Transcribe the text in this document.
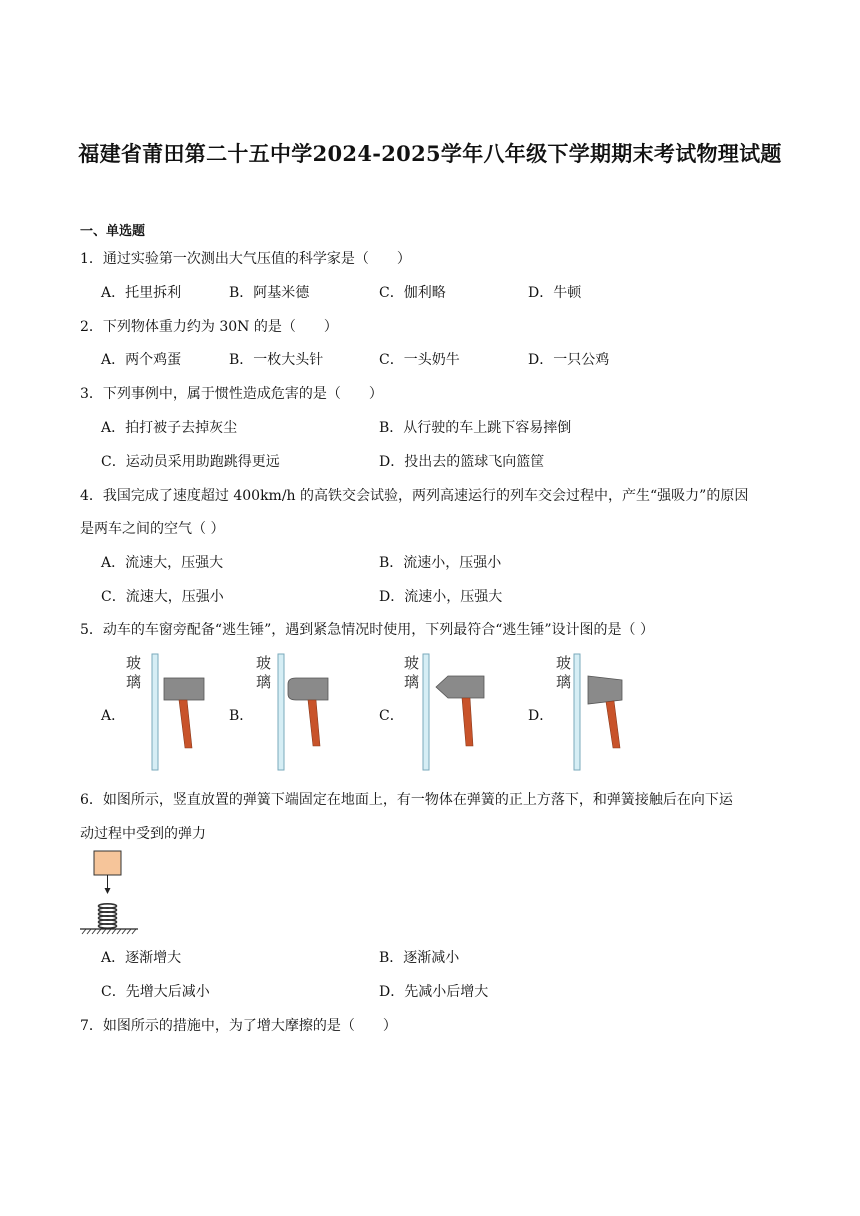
福建省莆田第二十五中学2024-2025学年八年级下学期期末考试物理试题
一、单选题
1．通过实验第一次测出大气压值的科学家是（　　）
A．托里拆利	B．阿基米德	C．伽利略	D．牛顿
2．下列物体重力约为 30N 的是（　　）
A．两个鸡蛋	B．一枚大头针	C．一头奶牛	D．一只公鸡
3．下列事例中，属于惯性造成危害的是（　　）
A．拍打被子去掉灰尘	B．从行驶的车上跳下容易摔倒
C．运动员采用助跑跳得更远	D．投出去的篮球飞向篮筐
4．我国完成了速度超过 400km/h 的高铁交会试验，两列高速运行的列车交会过程中，产生“强吸力”的原因
是两车之间的空气（ ）
A．流速大，压强大	B．流速小，压强小
C．流速大，压强小	D．流速小，压强大
5．动车的车窗旁配备“逃生锤”，遇到紧急情况时使用，下列最符合“逃生锤”设计图的是（ ）
A．	B．	C．	D．
玻
璃
玻
璃
玻
璃
玻
璃
6．如图所示，竖直放置的弹簧下端固定在地面上，有一物体在弹簧的正上方落下，和弹簧接触后在向下运
动过程中受到的弹力
A．逐渐增大	B．逐渐减小
C．先增大后减小	D．先减小后增大
7．如图所示的措施中，为了增大摩擦的是（　　）
